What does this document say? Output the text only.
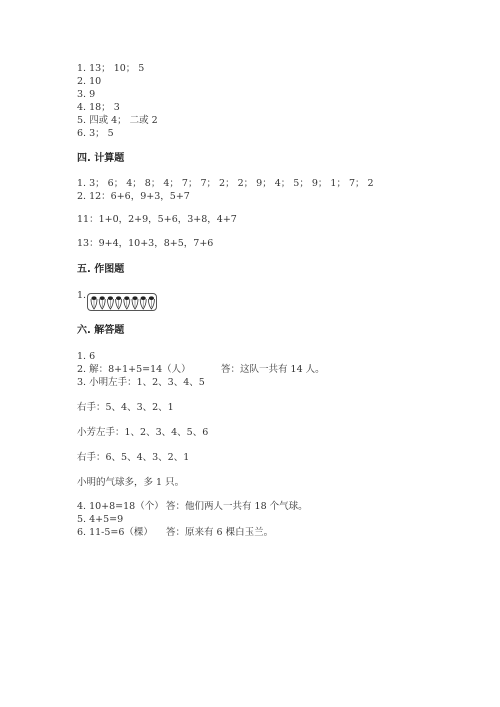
1. 13； 10； 5
2. 10
3. 9
4. 18； 3
5. 四或 4； 二或 2
6. 3； 5
四. 计算题
1. 3； 6； 4； 8； 4； 7； 7； 2； 2； 9； 4； 5； 9； 1； 7； 2
2. 12：6+6，9+3，5+7
11：1+0，2+9，5+6，3+8，4+7
13：9+4，10+3，8+5，7+6
五. 作图题
1.
六. 解答题
1. 6
2. 解：8+1+5=14（人）	答：这队一共有 14 人。
3. 小明左手：1、2、3、4、5
右手：5、4、3、2、1
小芳左手：1、2、3、4、5、6
右手：6、5、4、3、2、1
小明的气球多，多 1 只。
4. 10+8=18（个） 答：他们两人一共有 18 个气球。
5. 4+5=9
6. 11-5=6（棵） 答：原来有 6 棵白玉兰。
